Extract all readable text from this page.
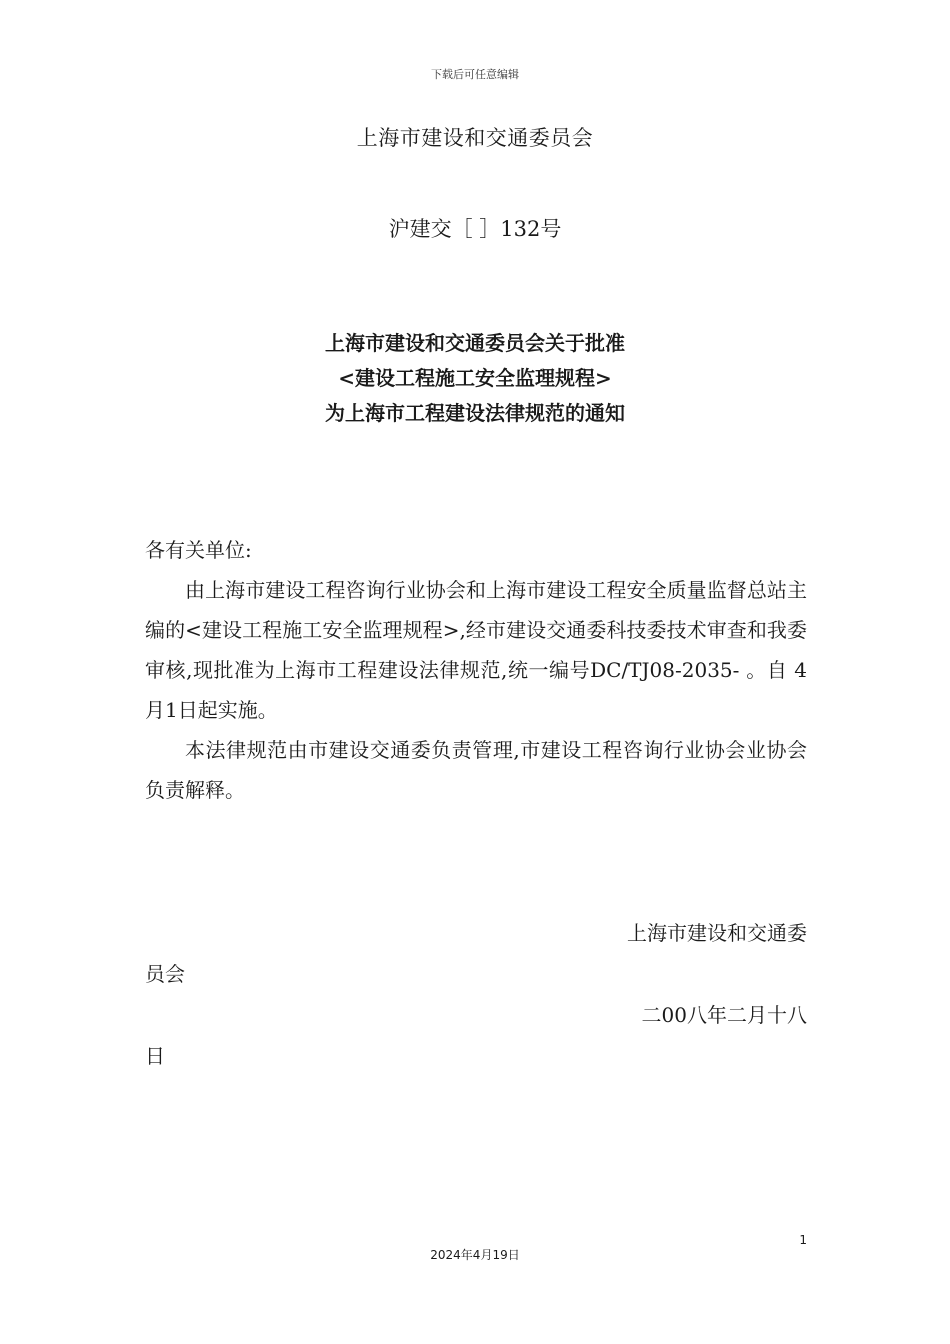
下载后可任意编辑
上海市建设和交通委员会
沪建交［ ］132号
上海市建设和交通委员会关于批准
<建设工程施工安全监理规程>
为上海市工程建设法律规范的通知

各有关单位:

由上海市建设工程咨询行业协会和上海市建设工程安全质量监督总站主编的<建设工程施工安全监理规程>,经市建设交通委科技委技术审查和我委审核,现批准为上海市工程建设法律规范,统一编号DC/TJ08-2035- 。自 4月1日起实施。

本法律规范由市建设交通委负责管理,市建设工程咨询行业协会业协会负责解释。

上海市建设和交通委
员会
二00八年二月十八
日
1
2024年4月19日
